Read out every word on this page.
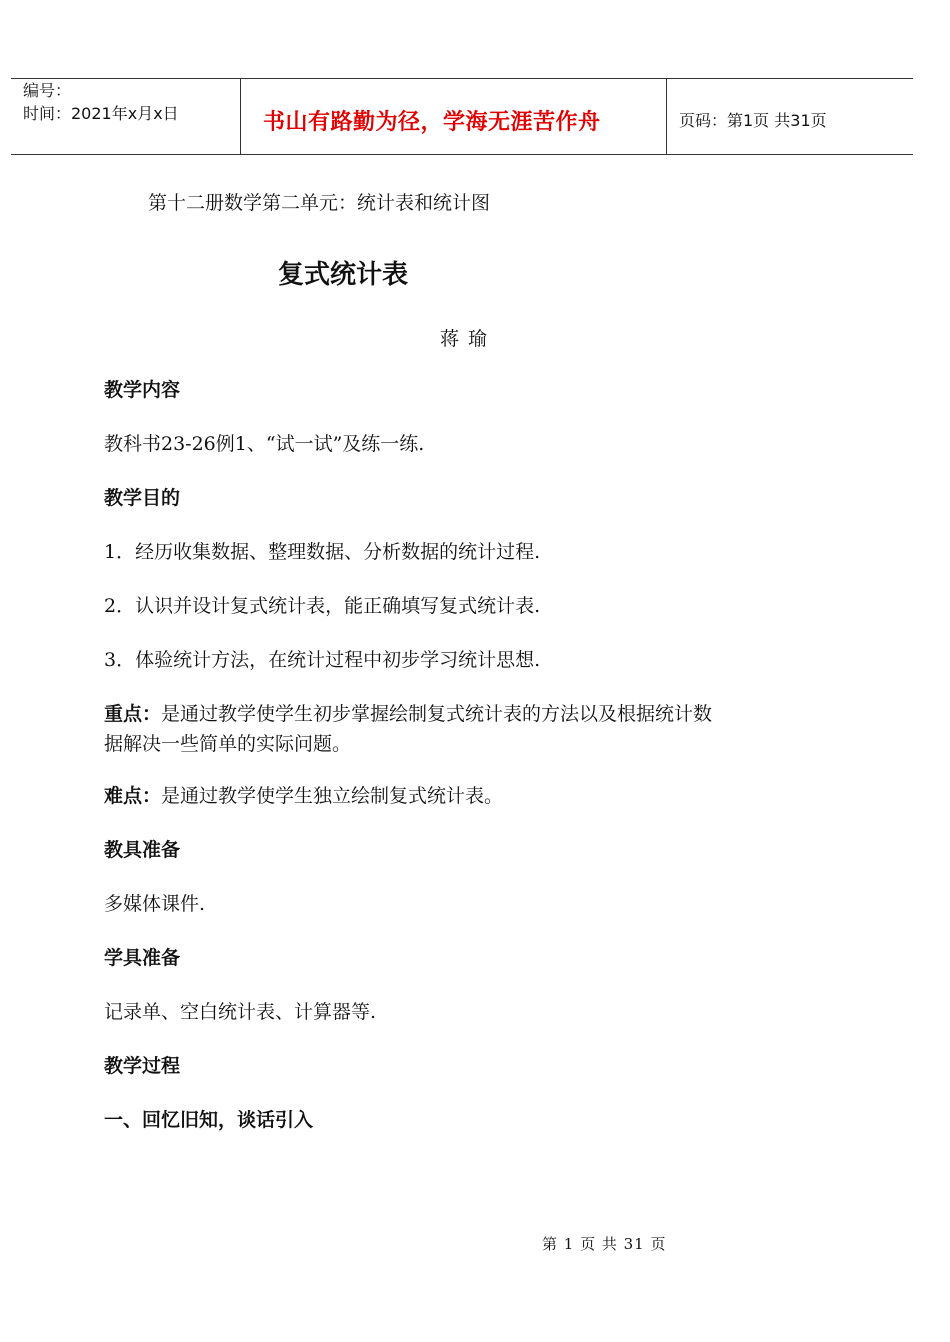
编号：
时间：2021年x月x日	书山有路勤为径，学海无涯苦作舟	页码：第1页 共31页
第十二册数学第二单元：统计表和统计图
复式统计表
蒋瑜
教学内容
教科书23-26例1、“试一试”及练一练.
教学目的
1．经历收集数据、整理数据、分析数据的统计过程.
2．认识并设计复式统计表，能正确填写复式统计表.
3．体验统计方法，在统计过程中初步学习统计思想.
重点：是通过教学使学生初步掌握绘制复式统计表的方法以及根据统计数
据解决一些简单的实际问题。
难点：是通过教学使学生独立绘制复式统计表。
教具准备
多媒体课件.
学具准备
记录单、空白统计表、计算器等.
教学过程
一、回忆旧知，谈话引入
第 1 页 共 31 页
